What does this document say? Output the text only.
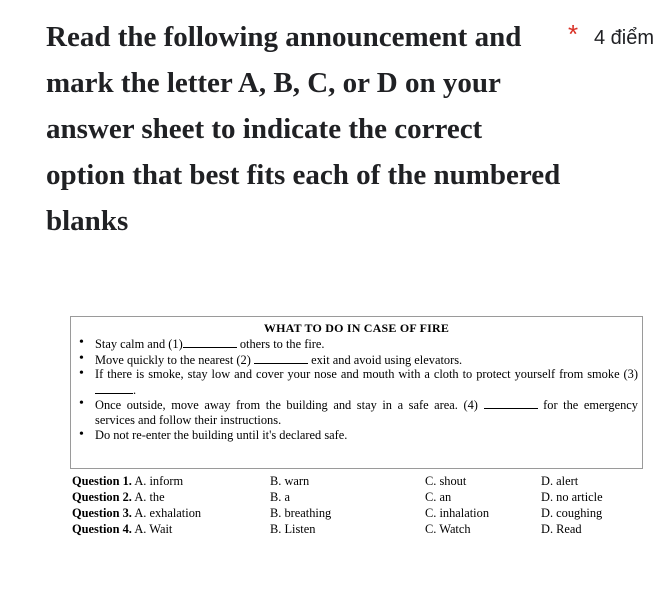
Read the following announcement and mark the letter A, B, C, or D on your answer sheet to indicate the correct option that best fits each of the numbered blanks
* 4 điểm
WHAT TO DO IN CASE OF FIRE
• Stay calm and (1)	others to the fire.
• Move quickly to the nearest (2)	exit and avoid using elevators.
• If there is smoke, stay low and cover your nose and mouth with a cloth to protect yourself from smoke (3).
• Once outside, move away from the building and stay in a safe area. (4)	for the emergency services and follow their instructions.
• Do not re-enter the building until it's declared safe.
Question 1. A. inform	B. warn	C. shout	D. alert
Question 2. A. the	B. a	C. an	D. no article
Question 3. A. exhalation	B. breathing	C. inhalation	D. coughing
Question 4. A. Wait	B. Listen	C. Watch	D. Read
